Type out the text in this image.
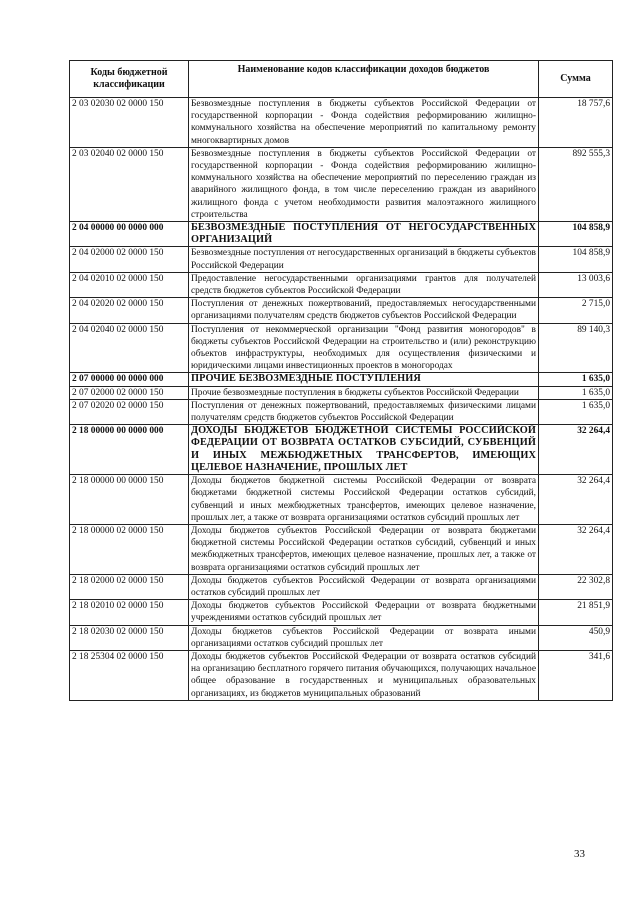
Коды бюджетной классификации	Наименование кодов классификации доходов бюджетов	Сумма
2 03 02030 02 0000 150	Безвозмездные поступления в бюджеты субъектов Российской Федерации от государственной корпорации - Фонда содействия реформированию жилищно-коммунального хозяйства на обеспечение мероприятий по капитальному ремонту многоквартирных домов	18 757,6
2 03 02040 02 0000 150	Безвозмездные поступления в бюджеты субъектов Российской Федерации от государственной корпорации - Фонда содействия реформированию жилищно-коммунального хозяйства на обеспечение мероприятий по переселению граждан из аварийного жилищного фонда, в том числе переселению граждан из аварийного жилищного фонда с учетом необходимости развития малоэтажного жилищного строительства	892 555,3
2 04 00000 00 0000 000	БЕЗВОЗМЕЗДНЫЕ ПОСТУПЛЕНИЯ ОТ НЕГОСУДАРСТВЕННЫХ ОРГАНИЗАЦИЙ	104 858,9
2 04 02000 02 0000 150	Безвозмездные поступления от негосударственных организаций в бюджеты субъектов Российской Федерации	104 858,9
2 04 02010 02 0000 150	Предоставление негосударственными организациями грантов для получателей средств бюджетов субъектов Российской Федерации	13 003,6
2 04 02020 02 0000 150	Поступления от денежных пожертвований, предоставляемых негосударственными организациями получателям средств бюджетов субъектов Российской Федерации	2 715,0
2 04 02040 02 0000 150	Поступления от некоммерческой организации "Фонд развития моногородов" в бюджеты субъектов Российской Федерации на строительство и (или) реконструкцию объектов инфраструктуры, необходимых для осуществления физическими и юридическими лицами инвестиционных проектов в моногородах	89 140,3
2 07 00000 00 0000 000	ПРОЧИЕ БЕЗВОЗМЕЗДНЫЕ ПОСТУПЛЕНИЯ	1 635,0
2 07 02000 02 0000 150	Прочие безвозмездные поступления в бюджеты субъектов Российской Федерации	1 635,0
2 07 02020 02 0000 150	Поступления от денежных пожертвований, предоставляемых физическими лицами получателям средств бюджетов субъектов Российской Федерации	1 635,0
2 18 00000 00 0000 000	ДОХОДЫ БЮДЖЕТОВ БЮДЖЕТНОЙ СИСТЕМЫ РОССИЙСКОЙ ФЕДЕРАЦИИ ОТ ВОЗВРАТА ОСТАТКОВ СУБСИДИЙ, СУБВЕНЦИЙ И ИНЫХ МЕЖБЮДЖЕТНЫХ ТРАНСФЕРТОВ, ИМЕЮЩИХ ЦЕЛЕВОЕ НАЗНАЧЕНИЕ, ПРОШЛЫХ ЛЕТ	32 264,4
2 18 00000 00 0000 150	Доходы бюджетов бюджетной системы Российской Федерации от возврата бюджетами бюджетной системы Российской Федерации остатков субсидий, субвенций и иных межбюджетных трансфертов, имеющих целевое назначение, прошлых лет, а также от возврата организациями остатков субсидий прошлых лет	32 264,4
2 18 00000 02 0000 150	Доходы бюджетов субъектов Российской Федерации от возврата бюджетами бюджетной системы Российской Федерации остатков субсидий, субвенций и иных межбюджетных трансфертов, имеющих целевое назначение, прошлых лет, а также от возврата организациями остатков субсидий прошлых лет	32 264,4
2 18 02000 02 0000 150	Доходы бюджетов субъектов Российской Федерации от возврата организациями остатков субсидий прошлых лет	22 302,8
2 18 02010 02 0000 150	Доходы бюджетов субъектов Российской Федерации от возврата бюджетными учреждениями остатков субсидий прошлых лет	21 851,9
2 18 02030 02 0000 150	Доходы бюджетов субъектов Российской Федерации от возврата иными организациями остатков субсидий прошлых лет	450,9
2 18 25304 02 0000 150	Доходы бюджетов субъектов Российской Федерации от возврата остатков субсидий на организацию бесплатного горячего питания обучающихся, получающих начальное общее образование в государственных и муниципальных образовательных организациях, из бюджетов муниципальных образований	341,6
33
